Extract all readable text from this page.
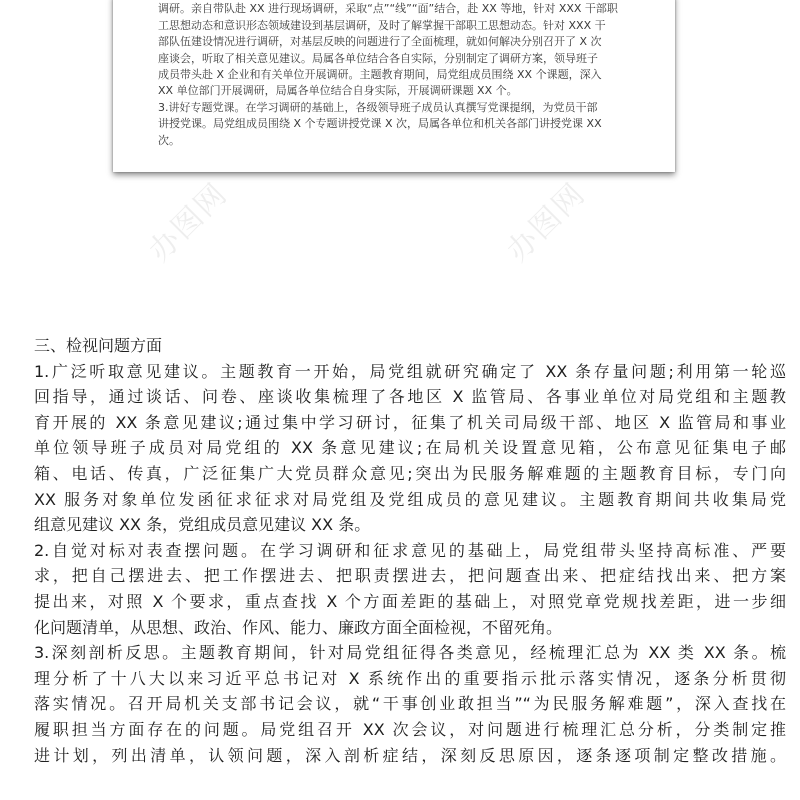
调研。亲自带队赴 XX 进行现场调研，采取“点”“线”“面”结合，赴 XX 等地，针对 XXX 干部职

工思想动态和意识形态领域建设到基层调研，及时了解掌握干部职工思想动态。针对 XXX 干

部队伍建设情况进行调研，对基层反映的问题进行了全面梳理，就如何解决分别召开了 X 次

座谈会，听取了相关意见建议。局属各单位结合各自实际，分别制定了调研方案，领导班子

成员带头赴 X 企业和有关单位开展调研。主题教育期间，局党组成员围绕 XX 个课题，深入

XX 单位部门开展调研，局属各单位结合自身实际，开展调研课题 XX 个。

3.讲好专题党课。在学习调研的基础上，各级领导班子成员认真撰写党课提纲，为党员干部

讲授党课。局党组成员围绕 X 个专题讲授党课 X 次，局属各单位和机关各部门讲授党课 XX

次。

办图网	办图网

三、检视问题方面

1.广泛听取意见建议。主题教育一开始，局党组就研究确定了 XX 条存量问题;利用第一轮巡

回指导，通过谈话、问卷、座谈收集梳理了各地区 X 监管局、各事业单位对局党组和主题教

育开展的 XX 条意见建议;通过集中学习研讨，征集了机关司局级干部、地区 X 监管局和事业

单位领导班子成员对局党组的 XX 条意见建议;在局机关设置意见箱，公布意见征集电子邮

箱、电话、传真，广泛征集广大党员群众意见;突出为民服务解难题的主题教育目标，专门向

XX 服务对象单位发函征求征求对局党组及党组成员的意见建议。主题教育期间共收集局党

组意见建议 XX 条，党组成员意见建议 XX 条。

2.自觉对标对表查摆问题。在学习调研和征求意见的基础上，局党组带头坚持高标准、严要

求，把自己摆进去、把工作摆进去、把职责摆进去，把问题查出来、把症结找出来、把方案

提出来，对照 X 个要求，重点查找 X 个方面差距的基础上，对照党章党规找差距，进一步细

化问题清单，从思想、政治、作风、能力、廉政方面全面检视，不留死角。

3.深刻剖析反思。主题教育期间，针对局党组征得各类意见，经梳理汇总为 XX 类 XX 条。梳

理分析了十八大以来习近平总书记对 X 系统作出的重要指示批示落实情况，逐条分析贯彻

落实情况。召开局机关支部书记会议，就“干事创业敢担当”“为民服务解难题”，深入查找在

履职担当方面存在的问题。局党组召开 XX 次会议，对问题进行梳理汇总分析，分类制定推

进计划，列出清单，认领问题，深入剖析症结，深刻反思原因，逐条逐项制定整改措施。
